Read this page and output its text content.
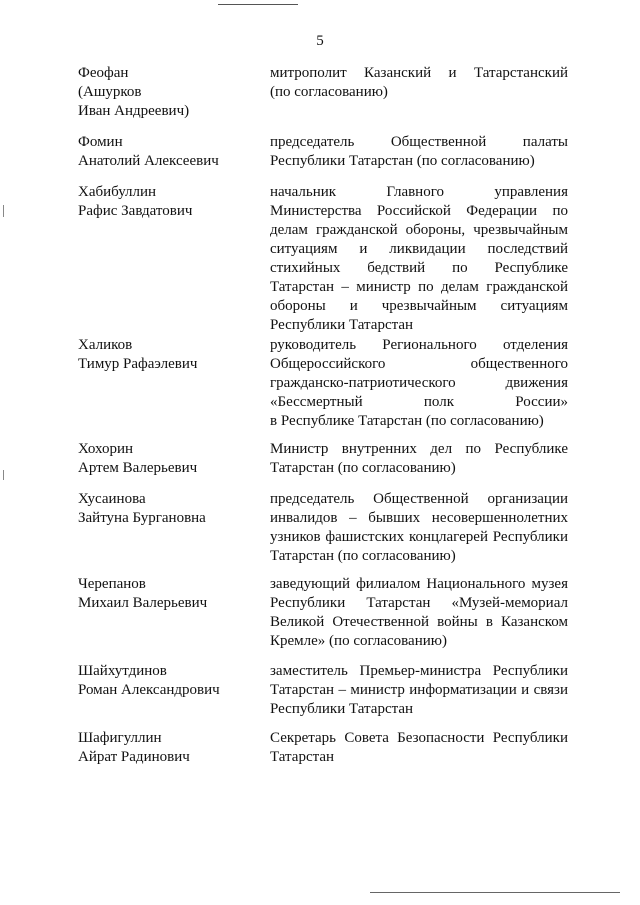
5
Феофан
(Ашурков
Иван Андреевич)
митрополит Казанский и Татарстанский
(по согласованию)
Фомин
Анатолий Алексеевич
председатель Общественной палаты
Республики Татарстан (по согласованию)
Хабибуллин
Рафис Завдатович
начальник Главного управления
Министерства Российской Федерации по
делам гражданской обороны, чрезвычайным
ситуациям и ликвидации последствий
стихийных бедствий по Республике
Татарстан – министр по делам гражданской
обороны и чрезвычайным ситуациям
Республики Татарстан
Халиков
Тимур Рафаэлевич
руководитель Регионального отделения
Общероссийского общественного
гражданско-патриотического движения
«Бессмертный полк России»
в Республике Татарстан (по согласованию)
Хохорин
Артем Валерьевич
Министр внутренних дел по Республике
Татарстан (по согласованию)
Хусаинова
Зайтуна Бургановна
председатель Общественной организации
инвалидов – бывших несовершеннолетних
узников фашистских концлагерей Республики
Татарстан (по согласованию)
Черепанов
Михаил Валерьевич
заведующий филиалом Национального музея
Республики Татарстан «Музей-мемориал
Великой Отечественной войны в Казанском
Кремле» (по согласованию)
Шайхутдинов
Роман Александрович
заместитель Премьер-министра Республики
Татарстан – министр информатизации и связи
Республики Татарстан
Шафигуллин
Айрат Радинович
Секретарь Совета Безопасности Республики
Татарстан
